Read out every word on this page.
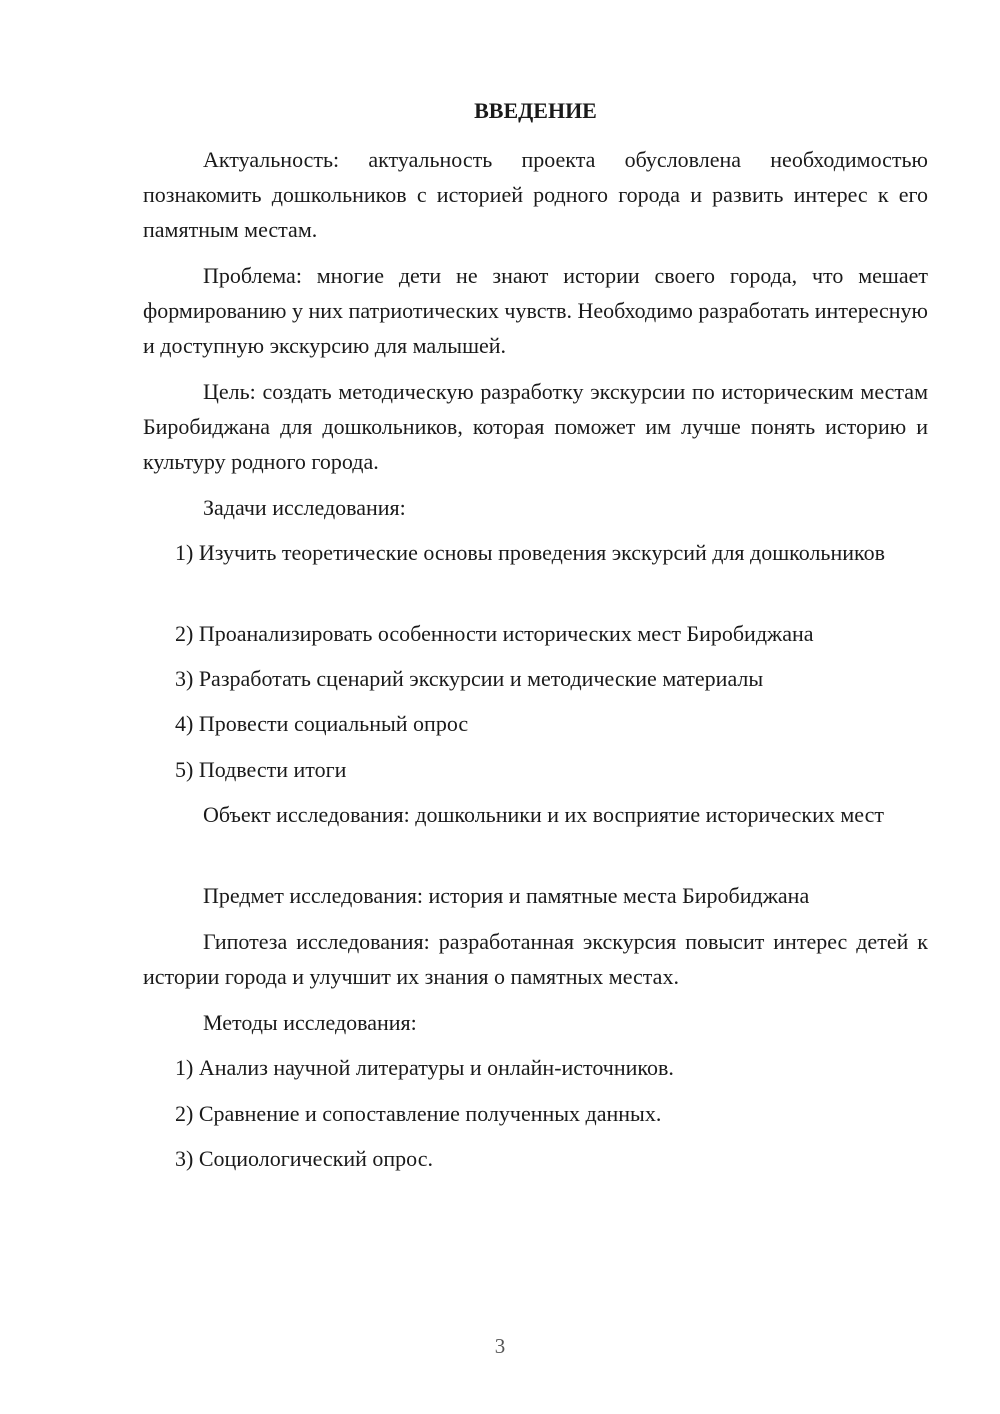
ВВЕДЕНИЕ

Актуальность: актуальность проекта обусловлена необходимостью познакомить дошкольников с историей родного города и развить интерес к его памятным местам.

Проблема: многие дети не знают истории своего города, что мешает формированию у них патриотических чувств. Необходимо разработать интересную и доступную экскурсию для малышей.

Цель: создать методическую разработку экскурсии по историческим местам Биробиджана для дошкольников, которая поможет им лучше понять историю и культуру родного города.

Задачи исследования:

1) Изучить теоретические основы проведения экскурсий для дошкольников

2) Проанализировать особенности исторических мест Биробиджана

3) Разработать сценарий экскурсии и методические материалы

4) Провести социальный опрос

5) Подвести итоги

Объект исследования: дошкольники и их восприятие исторических мест

Предмет исследования: история и памятные места Биробиджана

Гипотеза исследования: разработанная экскурсия повысит интерес детей к истории города и улучшит их знания о памятных местах.

Методы исследования:

1) Анализ научной литературы и онлайн-источников.

2) Сравнение и сопоставление полученных данных.

3) Социологический опрос.

3
